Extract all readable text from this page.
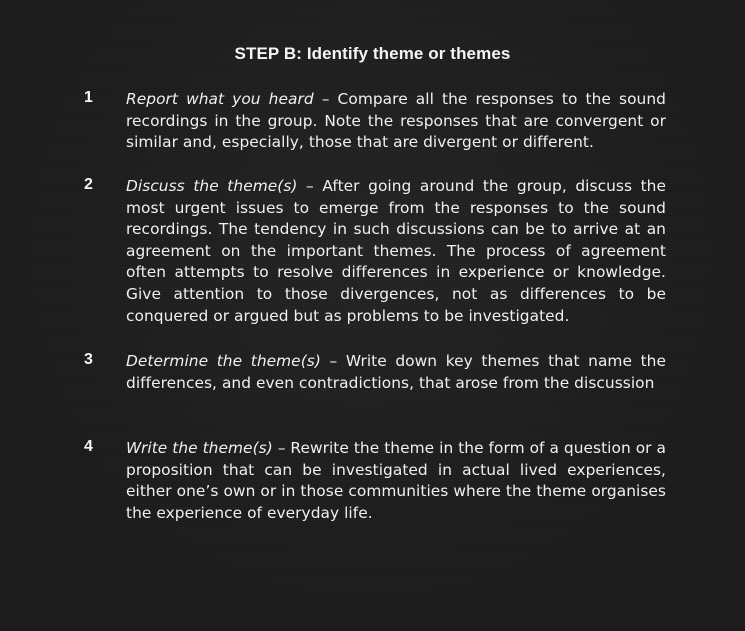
STEP B: Identify theme or themes
1 Report what you heard – Compare all the responses to the sound recordings in the group. Note the responses that are convergent or similar and, especially, those that are divergent or different.
2 Discuss the theme(s) – After going around the group, discuss the most urgent issues to emerge from the responses to the sound recordings. The tendency in such discussions can be to arrive at an agreement on the important themes. The process of agreement often attempts to resolve differences in experience or knowledge. Give attention to those divergences, not as differences to be conquered or argued but as problems to be investigated.
3 Determine the theme(s) – Write down key themes that name the differences, and even contradictions, that arose from the discussion
4 Write the theme(s) – Rewrite the theme in the form of a question or a proposition that can be investigated in actual lived experiences, either one’s own or in those communities where the theme organises the experience of everyday life.
